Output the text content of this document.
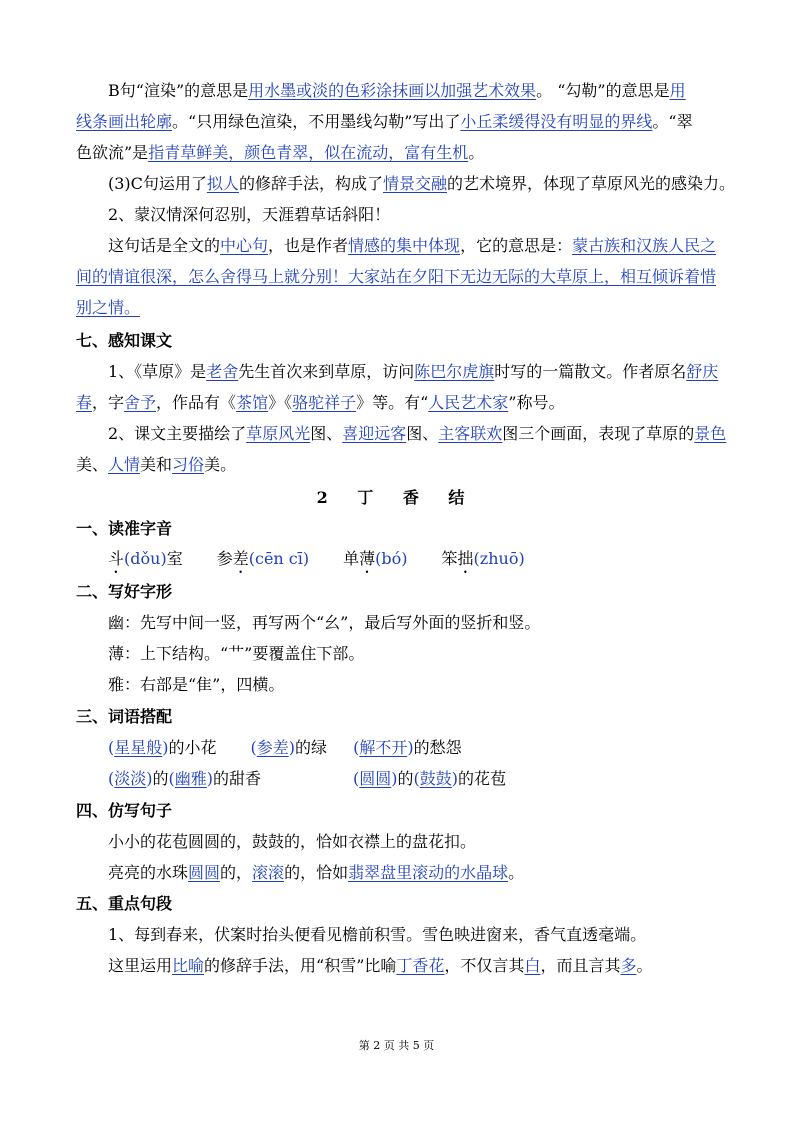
B句“渲染”的意思是用水墨或淡的色彩涂抹画以加强艺术效果。 “勾勒”的意思是用
线条画出轮廓。“只用绿色渲染，不用墨线勾勒”写出了小丘柔缓得没有明显的界线。“翠
色欲流”是指青草鲜美，颜色青翠，似在流动，富有生机。
(3)C句运用了拟人的修辞手法，构成了情景交融的艺术境界，体现了草原风光的感染力。
2、蒙汉情深何忍别，天涯碧草话斜阳！
这句话是全文的中心句，也是作者情感的集中体现，它的意思是：蒙古族和汉族人民之
间的情谊很深，怎么舍得马上就分别！大家站在夕阳下无边无际的大草原上，相互倾诉着惜
别之情。
七、感知课文
1、《草原》是老舍先生首次来到草原，访问陈巴尔虎旗时写的一篇散文。作者原名舒庆
春，字舍予，作品有《茶馆》《骆驼祥子》等。有“人民艺术家”称号。
2、课文主要描绘了草原风光图、喜迎远客图、主客联欢图三个画面，表现了草原的景色
美、人情美和习俗美。
2 丁 香 结
一、读准字音
斗(dǒu)室 参差(cēn cī) 单薄(bó) 笨拙(zhuō)
二、写好字形
幽：先写中间一竖，再写两个“幺”，最后写外面的竖折和竖。
薄：上下结构。“艹”要覆盖住下部。
雅：右部是“隹”，四横。
三、词语搭配
(星星般)的小花 (参差)的绿 (解不开)的愁怨
(淡淡)的(幽雅)的甜香	(圆圆)的(鼓鼓)的花苞
四、仿写句子
小小的花苞圆圆的，鼓鼓的，恰如衣襟上的盘花扣。
亮亮的水珠圆圆的，滚滚的，恰如翡翠盘里滚动的水晶球。
五、重点句段
1、每到春来，伏案时抬头便看见檐前积雪。雪色映进窗来，香气直透毫端。
这里运用比喻的修辞手法，用“积雪”比喻丁香花，不仅言其白，而且言其多。
第 2 页 共 5 页
